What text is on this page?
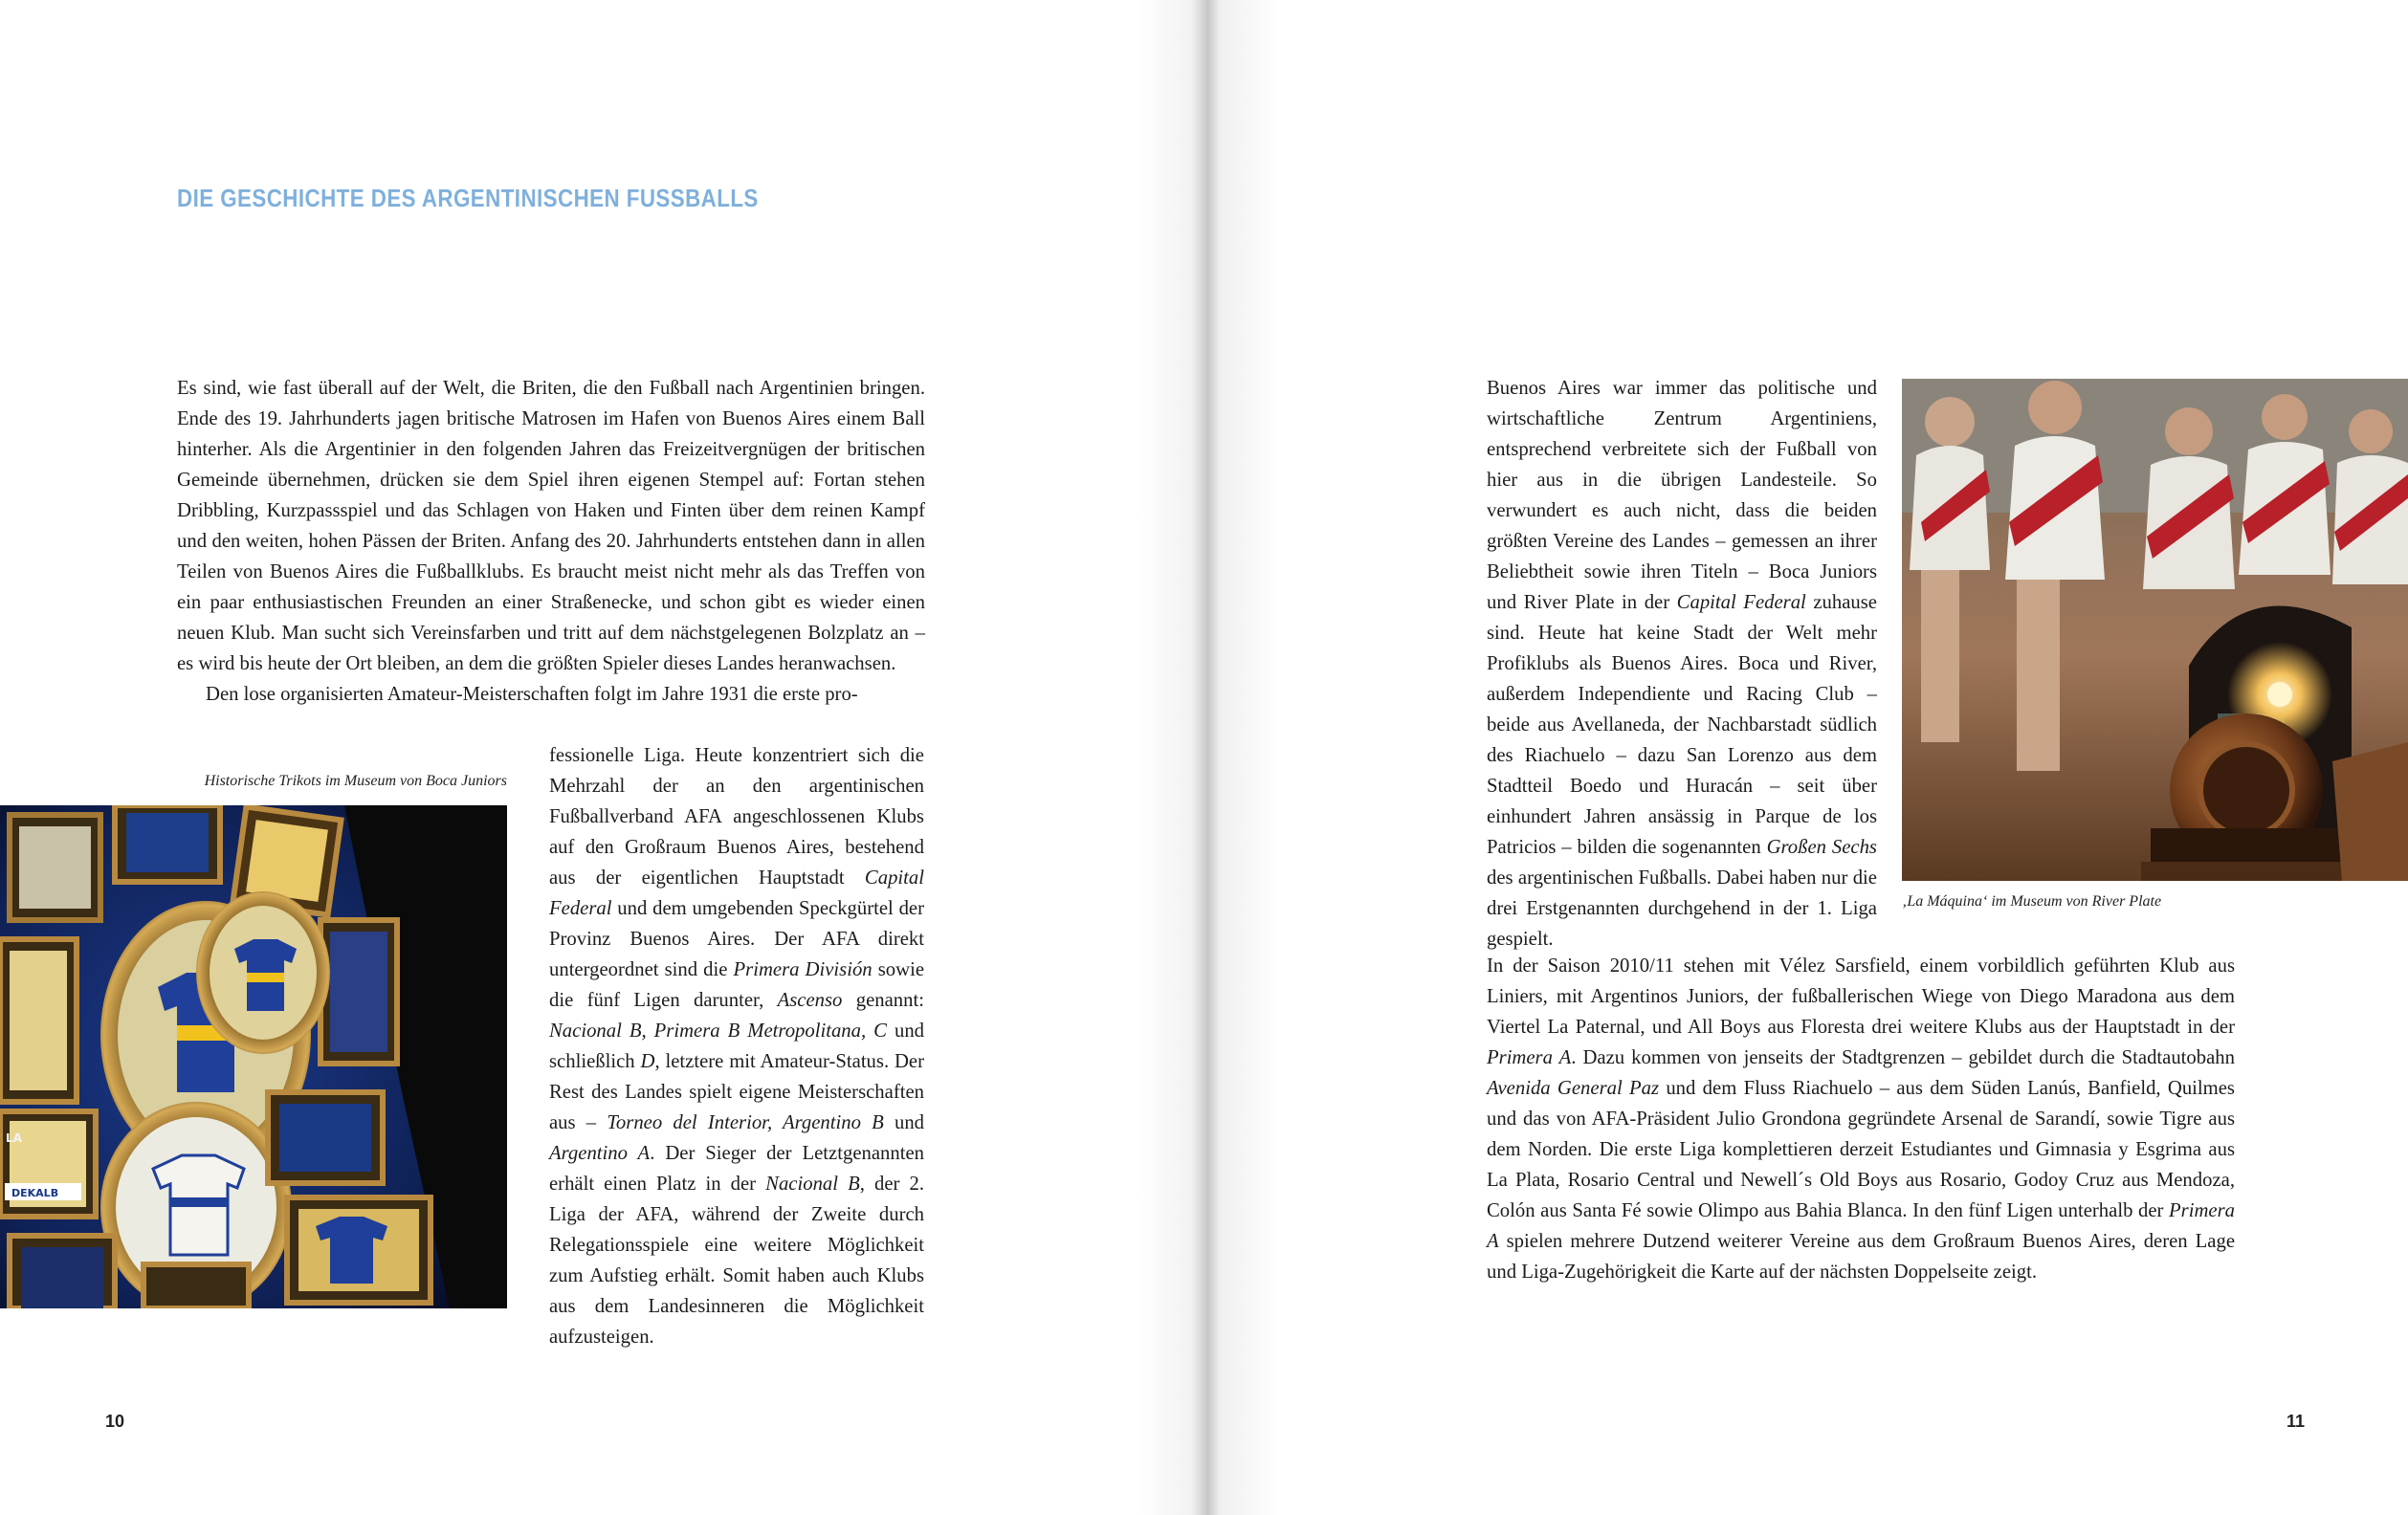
DIE GESCHICHTE DES ARGENTINISCHEN FUSSBALLS

Es sind, wie fast überall auf der Welt, die Briten, die den Fußball nach Argentinien bringen. Ende des 19. Jahrhunderts jagen britische Matrosen im Hafen von Buenos Aires einem Ball hinterher. Als die Argentinier in den folgenden Jahren das Freizeitvergnügen der britischen Gemeinde übernehmen, drücken sie dem Spiel ihren eigenen Stempel auf: Fortan stehen Dribbling, Kurzpassspiel und das Schlagen von Haken und Finten über dem reinen Kampf und den weiten, hohen Pässen der Briten. Anfang des 20. Jahrhunderts entstehen dann in allen Teilen von Buenos Aires die Fußballklubs. Es braucht meist nicht mehr als das Treffen von ein paar enthusiastischen Freunden an einer Straßenecke, und schon gibt es wieder einen neuen Klub. Man sucht sich Vereinsfarben und tritt auf dem nächstgelegenen Bolzplatz an – es wird bis heute der Ort bleiben, an dem die größten Spieler dieses Landes heranwachsen.

Den lose organisierten Amateur-Meisterschaften folgt im Jahre 1931 die erste pro-

fessionelle Liga. Heute konzentriert sich die Mehrzahl der an den argentinischen Fußballverband AFA angeschlossenen Klubs auf den Großraum Buenos Aires, bestehend aus der eigentlichen Hauptstadt Capital Federal und dem umgebenden Speckgürtel der Provinz Buenos Aires. Der AFA direkt untergeordnet sind die Primera División sowie die fünf Ligen darunter, Ascenso genannt: Nacional B, Primera B Metropolitana, C und schließlich D, letztere mit Amateur-Status. Der Rest des Landes spielt eigene Meisterschaften aus – Torneo del Interior, Argentino B und Argentino A. Der Sieger der Letztgenannten erhält einen Platz in der Nacional B, der 2. Liga der AFA, während der Zweite durch Relegationsspiele eine weitere Möglichkeit zum Aufstieg erhält. Somit haben auch Klubs aus dem Landesinneren die Möglichkeit aufzusteigen.

Historische Trikots im Museum von Boca Juniors

DEKALB
LA

10

Buenos Aires war immer das politische und wirtschaftliche Zentrum Argentiniens, entsprechend verbreitete sich der Fußball von hier aus in die übrigen Landesteile. So verwundert es auch nicht, dass die beiden größten Vereine des Landes – gemessen an ihrer Beliebtheit sowie ihren Titeln – Boca Juniors und River Plate in der Capital Federal zuhause sind. Heute hat keine Stadt der Welt mehr Profiklubs als Buenos Aires. Boca und River, außerdem Independiente und Racing Club – beide aus Avellaneda, der Nachbarstadt südlich des Riachuelo – dazu San Lorenzo aus dem Stadtteil Boedo und Huracán – seit über einhundert Jahren ansässig in Parque de los Patricios – bilden die sogenannten Großen Sechs des argentinischen Fußballs. Dabei haben nur die drei Erstgenannten durchgehend in der 1. Liga gespielt.

In der Saison 2010/11 stehen mit Vélez Sarsfield, einem vorbildlich geführten Klub aus Liniers, mit Argentinos Juniors, der fußballerischen Wiege von Diego Maradona aus dem Viertel La Paternal, und All Boys aus Floresta drei weitere Klubs aus der Hauptstadt in der Primera A. Dazu kommen von jenseits der Stadtgrenzen – gebildet durch die Stadtautobahn Avenida General Paz und dem Fluss Riachuelo – aus dem Süden Lanús, Banfield, Quilmes und das von AFA-Präsident Julio Grondona gegründete Arsenal de Sarandí, sowie Tigre aus dem Norden. Die erste Liga komplettieren derzeit Estudiantes und Gimnasia y Esgrima aus La Plata, Rosario Central und Newell´s Old Boys aus Rosario, Godoy Cruz aus Mendoza, Colón aus Santa Fé sowie Olimpo aus Bahia Blanca. In den fünf Ligen unterhalb der Primera A spielen mehrere Dutzend weiterer Vereine aus dem Großraum Buenos Aires, deren Lage und Liga-Zugehörigkeit die Karte auf der nächsten Doppelseite zeigt.

‚La Máquina‘ im Museum von River Plate

11
